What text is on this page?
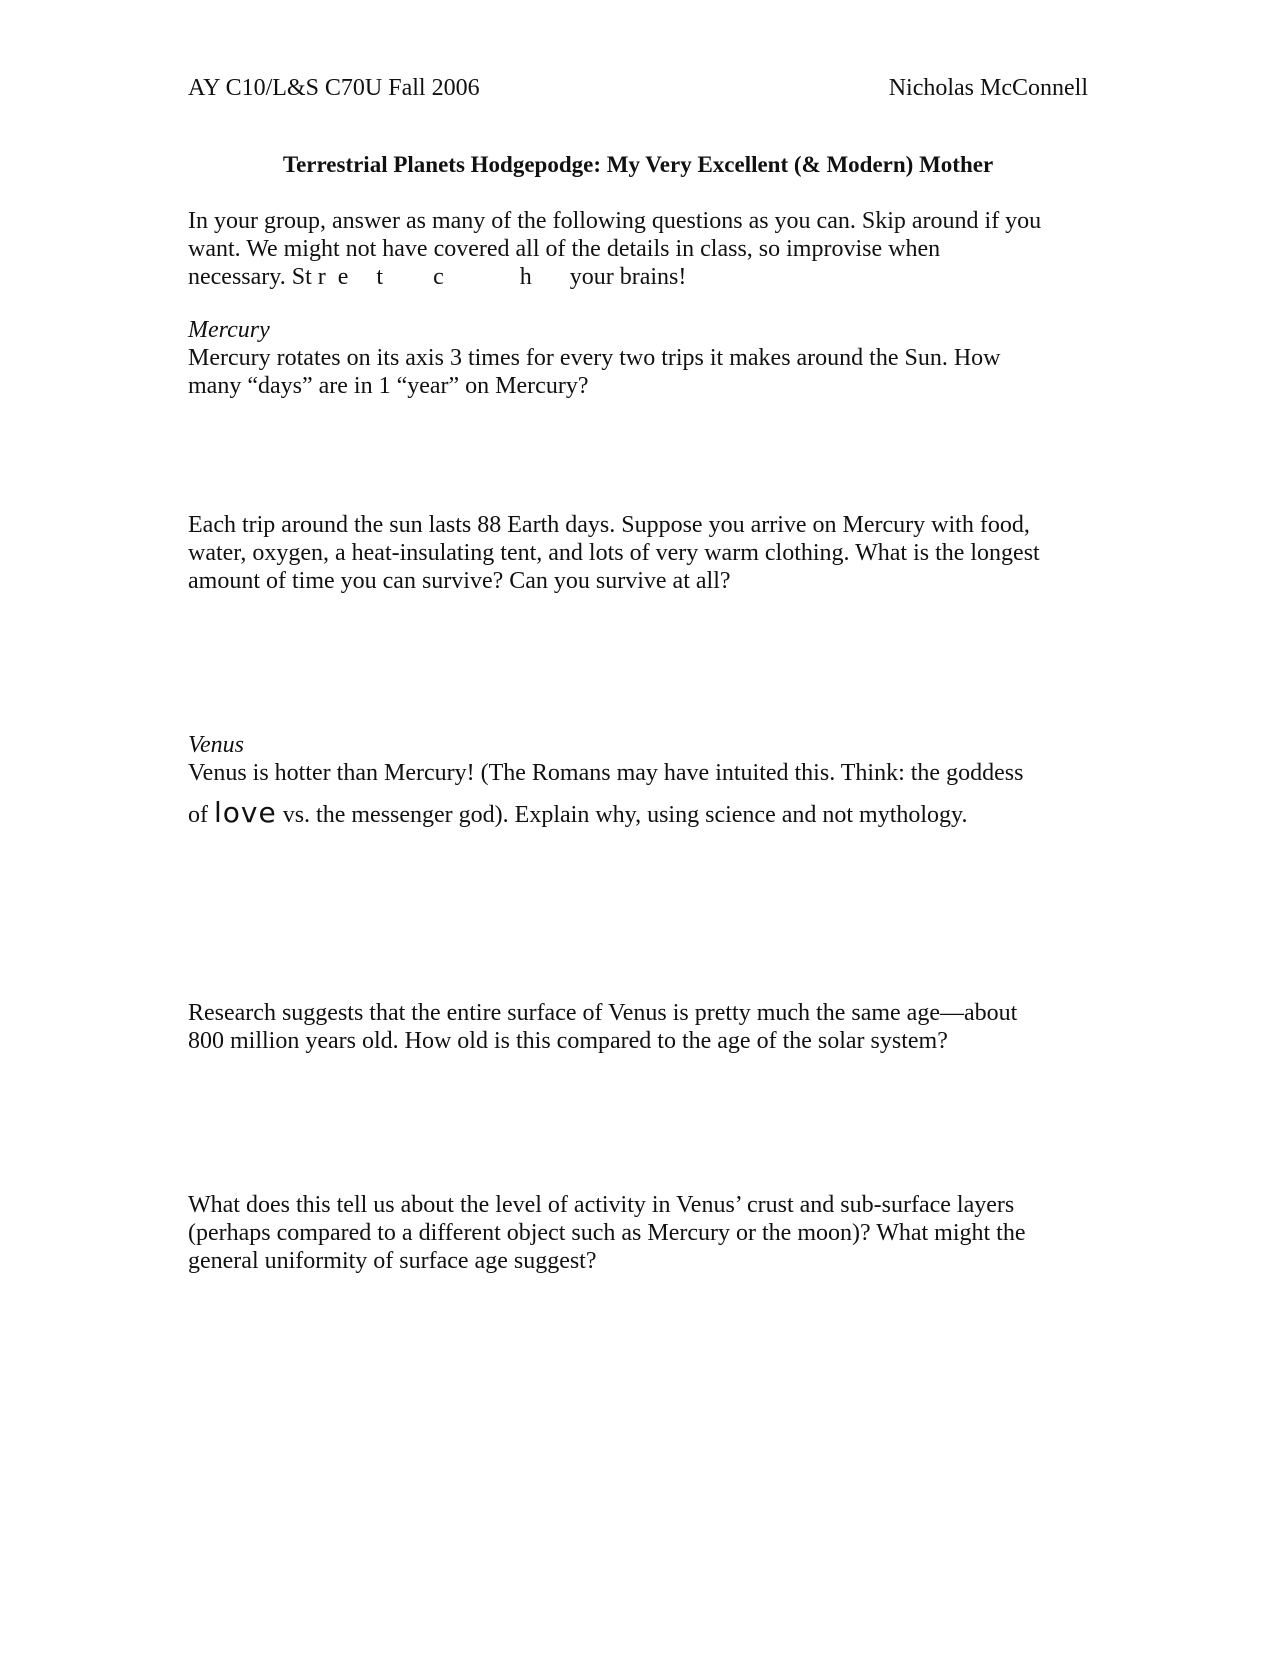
AY C10/L&S C70U Fall 2006	Nicholas McConnell
Terrestrial Planets Hodgepodge: My Very Excellent (& Modern) Mother
In your group, answer as many of the following questions as you can. Skip around if you
want. We might not have covered all of the details in class, so improvise when
necessary. St r e t c	h your brains!
Mercury
Mercury rotates on its axis 3 times for every two trips it makes around the Sun. How
many “days” are in 1 “year” on Mercury?
Each trip around the sun lasts 88 Earth days. Suppose you arrive on Mercury with food,
water, oxygen, a heat-insulating tent, and lots of very warm clothing. What is the longest
amount of time you can survive? Can you survive at all?
Venus
Venus is hotter than Mercury! (The Romans may have intuited this. Think: the goddess
of love vs. the messenger god). Explain why, using science and not mythology.
Research suggests that the entire surface of Venus is pretty much the same age—about
800 million years old. How old is this compared to the age of the solar system?
What does this tell us about the level of activity in Venus’ crust and sub-surface layers
(perhaps compared to a different object such as Mercury or the moon)? What might the
general uniformity of surface age suggest?
